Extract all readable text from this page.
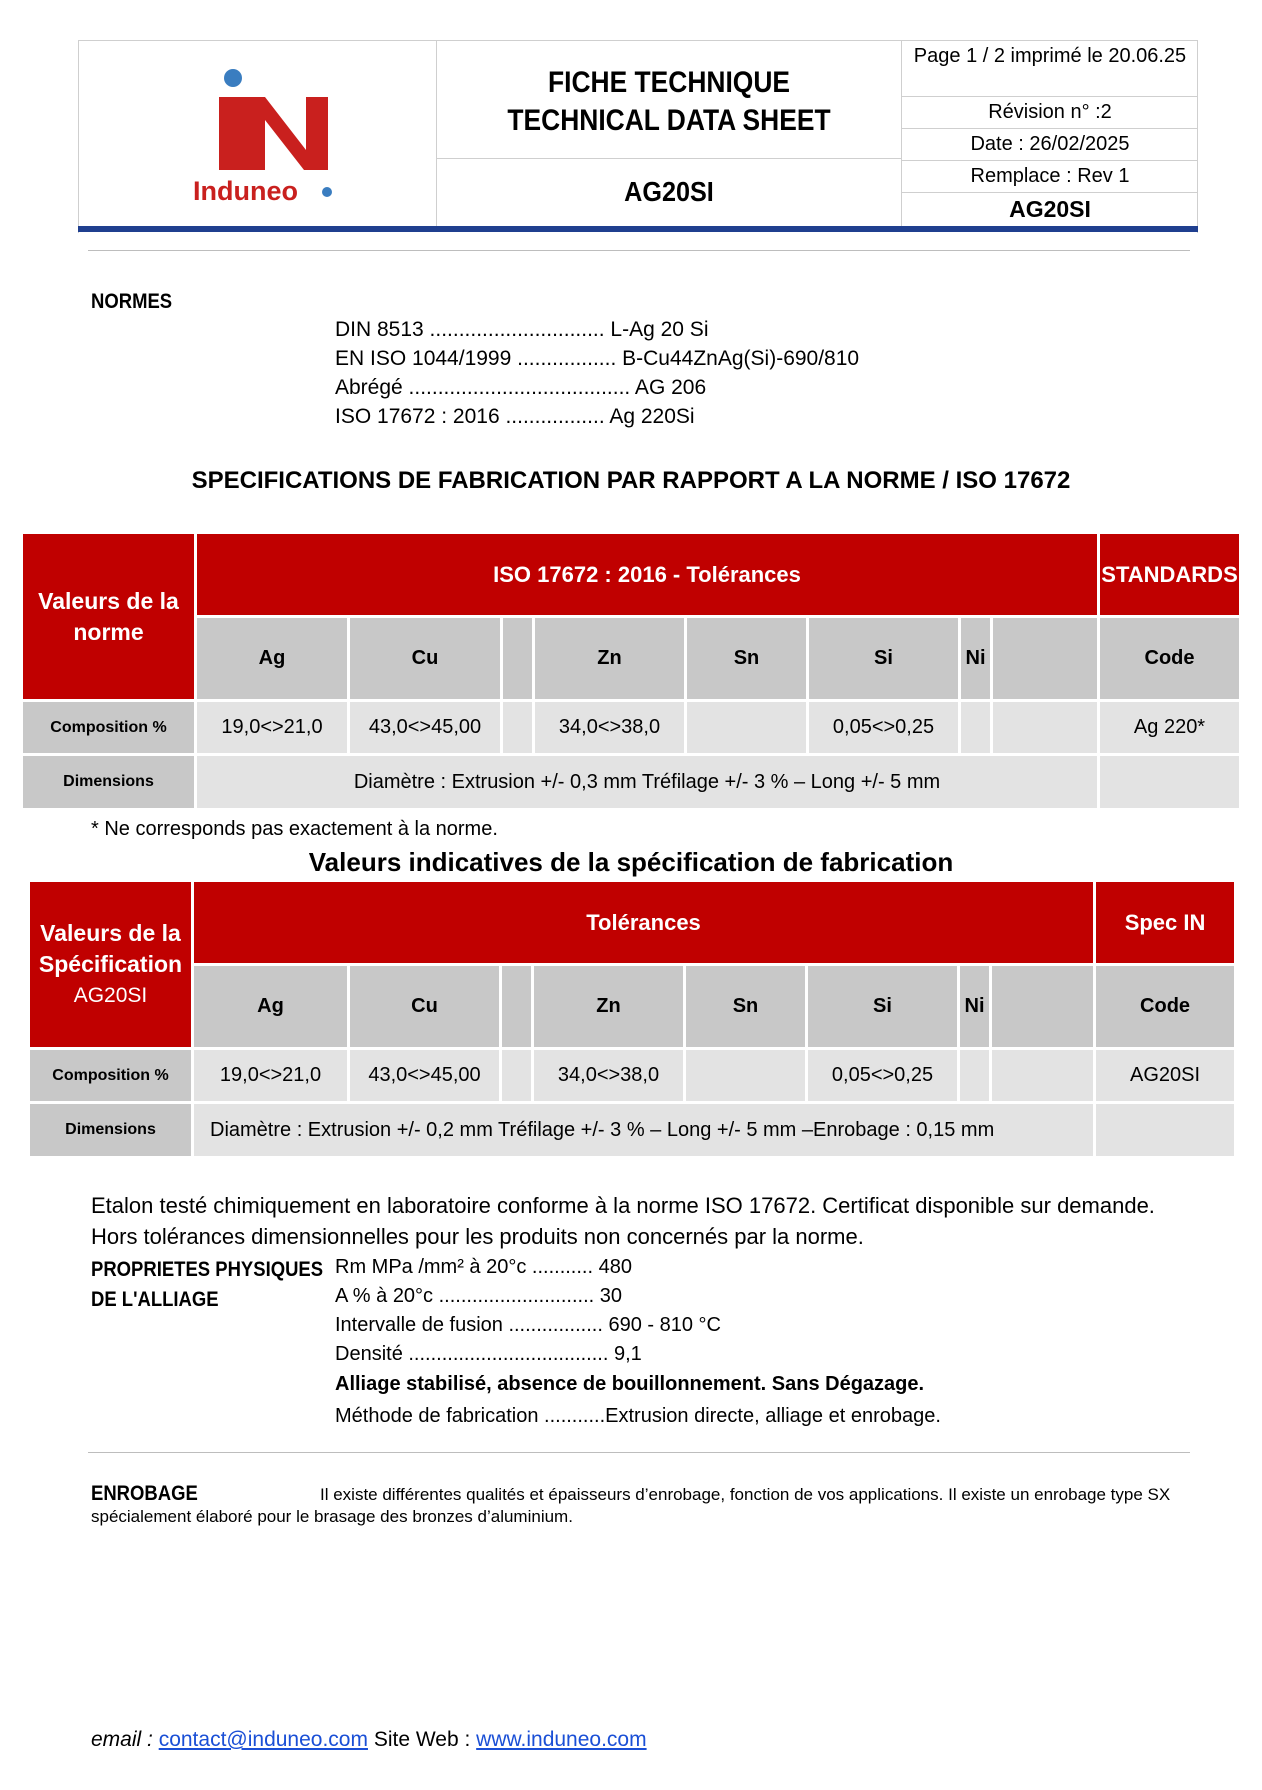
Induneo
FICHE TECHNIQUE
TECHNICAL DATA SHEET
AG20SI
Page 1 / 2 imprimé le 20.06.25
Révision n° :2
Date : 26/02/2025
Remplace : Rev 1
AG20SI
NORMES
DIN 8513 .............................. L-Ag 20 Si
EN ISO 1044/1999 ................. B-Cu44ZnAg(Si)-690/810
Abrégé ...................................... AG 206
ISO 17672 : 2016 ................. Ag 220Si
SPECIFICATIONS DE FABRICATION PAR RAPPORT A LA NORME / ISO 17672
Valeurs de la norme	ISO 17672 : 2016 - Tolérances								STANDARDS
	Ag	Cu		Zn	Sn	Si	Ni		Code
Composition %	19,0<>21,0	43,0<>45,00		34,0<>38,0		0,05<>0,25			Ag 220*
Dimensions	Diamètre : Extrusion +/- 0,3 mm Tréfilage +/- 3 % – Long +/- 5 mm								
* Ne corresponds pas exactement à la norme.
Valeurs indicatives de la spécification de fabrication
Valeurs de la
Spécification
AG20SI	Tolérances								Spec IN
	Ag	Cu		Zn	Sn	Si	Ni		Code
Composition %	19,0<>21,0	43,0<>45,00		34,0<>38,0		0,05<>0,25			AG20SI
Dimensions	Diamètre : Extrusion +/- 0,2 mm Tréfilage +/- 3 % – Long +/- 5 mm –Enrobage : 0,15 mm								
Etalon testé chimiquement en laboratoire conforme à la norme ISO 17672. Certificat disponible sur demande. Hors tolérances dimensionnelles pour les produits non concernés par la norme.
PROPRIETES PHYSIQUES
DE L'ALLIAGE
Rm MPa /mm² à 20°c ........... 480
A % à 20°c ............................ 30
Intervalle de fusion ................. 690 - 810 °C
Densité .................................... 9,1
Alliage stabilisé, absence de bouillonnement. Sans Dégazage.
Méthode de fabrication ...........Extrusion directe, alliage et enrobage.
ENROBAGE	Il existe différentes qualités et épaisseurs d’enrobage, fonction de vos applications. Il existe un enrobage type SX spécialement élaboré pour le brasage des bronzes d’aluminium.
email : contact@induneo.com Site Web : www.induneo.com
